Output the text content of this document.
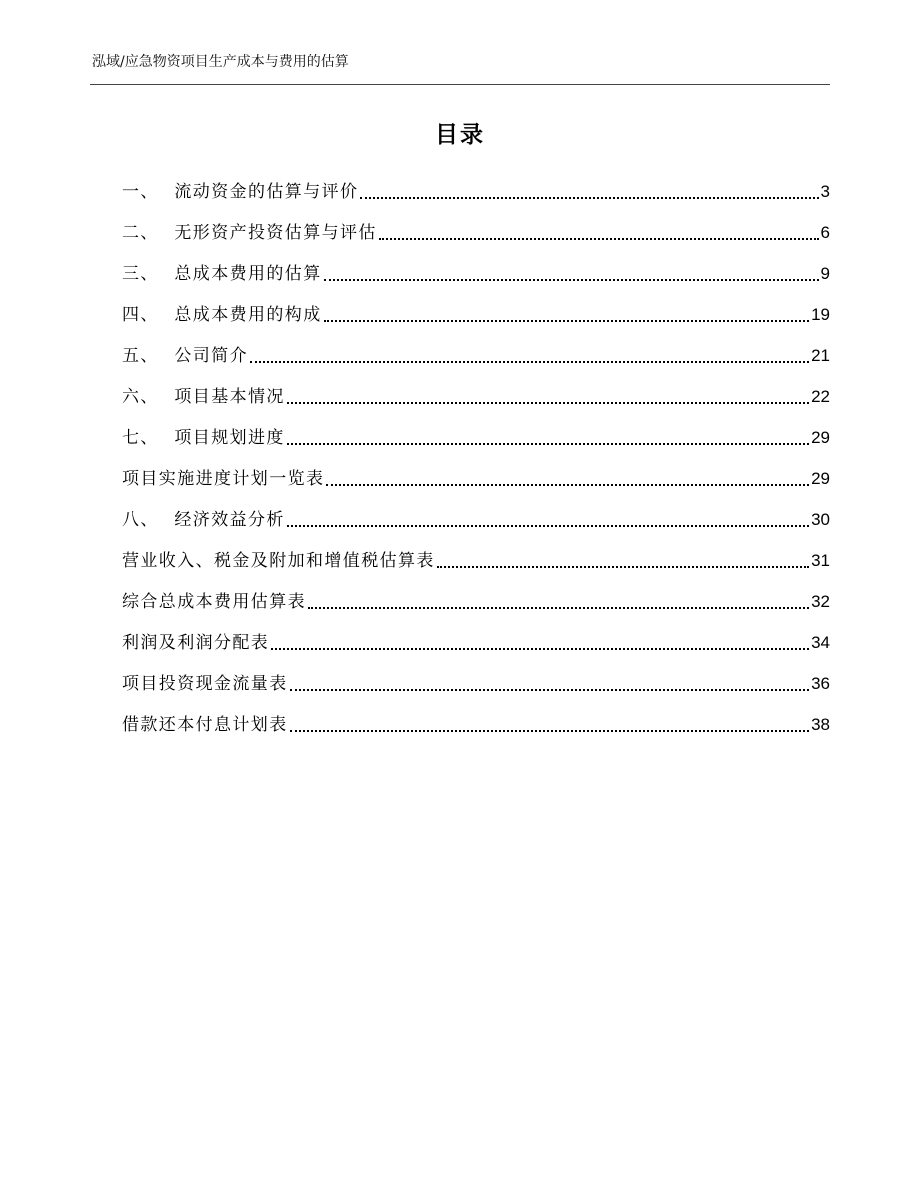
泓域/应急物资项目生产成本与费用的估算
目录
一 、 流动资金的估算与评价	3
二 、 无形资产投资估算与评估	6
三 、 总成本费用的估算	9
四 、 总成本费用的构成	19
五 、 公司简介	21
六 、 项目基本情况	22
七 、 项目规划进度	29
项目实施进度计划一览表	29
八 、 经济效益分析	30
营业收入、税金及附加和增值税估算表	31
综合总成本费用估算表	32
利润及利润分配表	34
项目投资现金流量表	36
借款还本付息计划表	38
